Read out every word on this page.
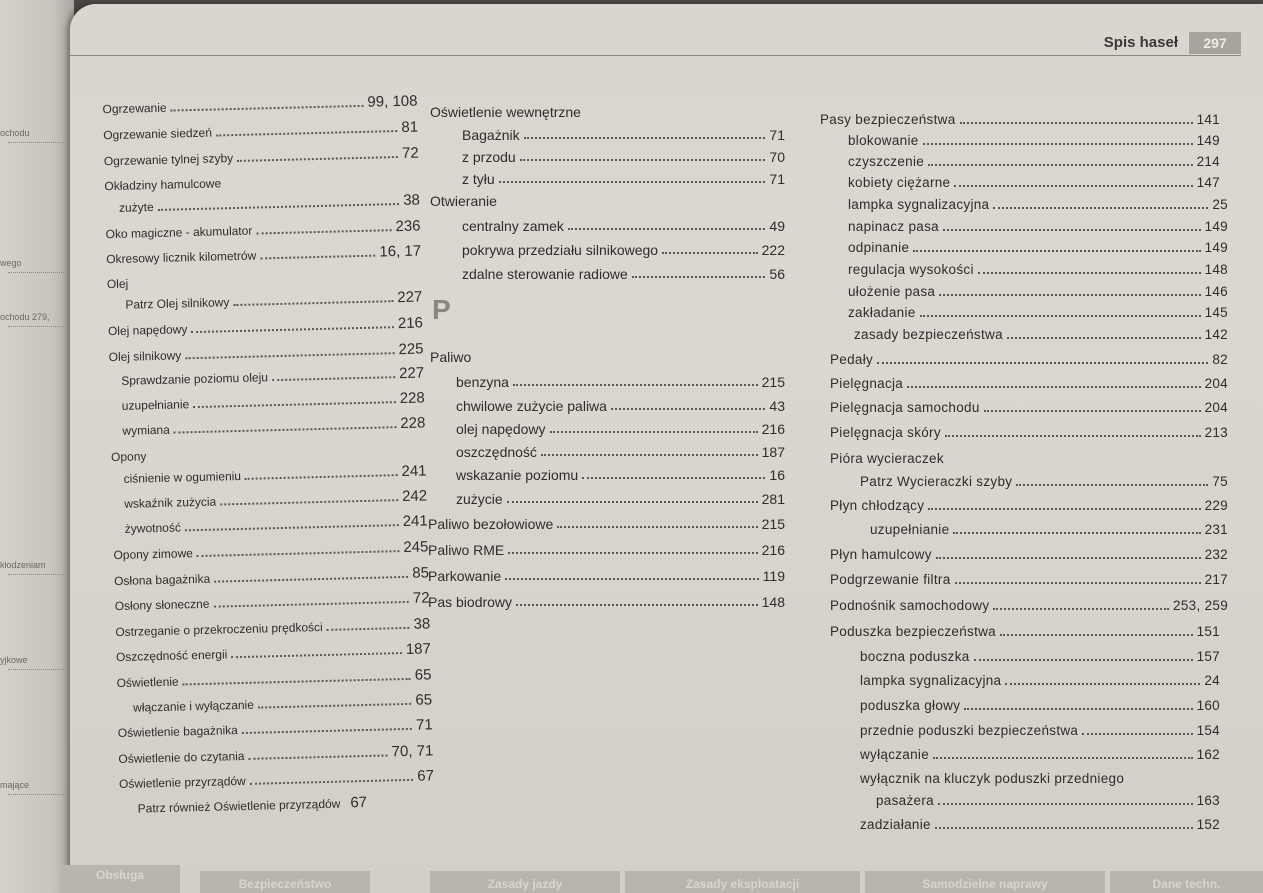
ochodu
wego
ochodu 279,
kłodzeniam
yjkowe
mające
Spis haseł	297
Ogrzewanie	99, 108
Ogrzewanie siedzeń	81
Ogrzewanie tylnej szyby	72
Okładziny hamulcowe
zużyte	38
Oko magiczne - akumulator	236
Okresowy licznik kilometrów	16, 17
Olej
Patrz Olej silnikowy	227
Olej napędowy	216
Olej silnikowy	225
Sprawdzanie poziomu oleju	227
uzupełnianie	228
wymiana	228
Opony
ciśnienie w ogumieniu	241
wskaźnik zużycia	242
żywotność	241
Opony zimowe	245
Osłona bagażnika	85
Osłony słoneczne	72
Ostrzeganie o przekroczeniu prędkości	38
Oszczędność energii	187
Oświetlenie	65
włączanie i wyłączanie	65
Oświetlenie bagażnika	71
Oświetlenie do czytania	70, 71
Oświetlenie przyrządów	67
Patrz również Oświetlenie przyrządów 67
Oświetlenie wewnętrzne
Bagażnik	71
z przodu	70
z tyłu	71
Otwieranie
centralny zamek	49
pokrywa przedziału silnikowego	222
zdalne sterowanie radiowe	56
P
Paliwo
benzyna	215
chwilowe zużycie paliwa	43
olej napędowy	216
oszczędność	187
wskazanie poziomu	16
zużycie	281
Paliwo bezołowiowe	215
Paliwo RME	216
Parkowanie	119
Pas biodrowy	148
Pasy bezpieczeństwa	141
blokowanie	149
czyszczenie	214
kobiety ciężarne	147
lampka sygnalizacyjna	25
napinacz pasa	149
odpinanie	149
regulacja wysokości	148
ułożenie pasa	146
zakładanie	145
zasady bezpieczeństwa	142
Pedały	82
Pielęgnacja	204
Pielęgnacja samochodu	204
Pielęgnacja skóry	213
Pióra wycieraczek
Patrz Wycieraczki szyby	75
Płyn chłodzący	229
uzupełnianie	231
Płyn hamulcowy	232
Podgrzewanie filtra	217
Podnośnik samochodowy	253, 259
Poduszka bezpieczeństwa	151
boczna poduszka	157
lampka sygnalizacyjna	24
poduszka głowy	160
przednie poduszki bezpieczeństwa	154
wyłączanie	162
wyłącznik na kluczyk poduszki przedniego
pasażera	163
zadziałanie	152
Obsługa
Bezpieczeństwo	Zasady jazdy	Zasady eksploatacji	Samodzielne naprawy	Dane techn.
